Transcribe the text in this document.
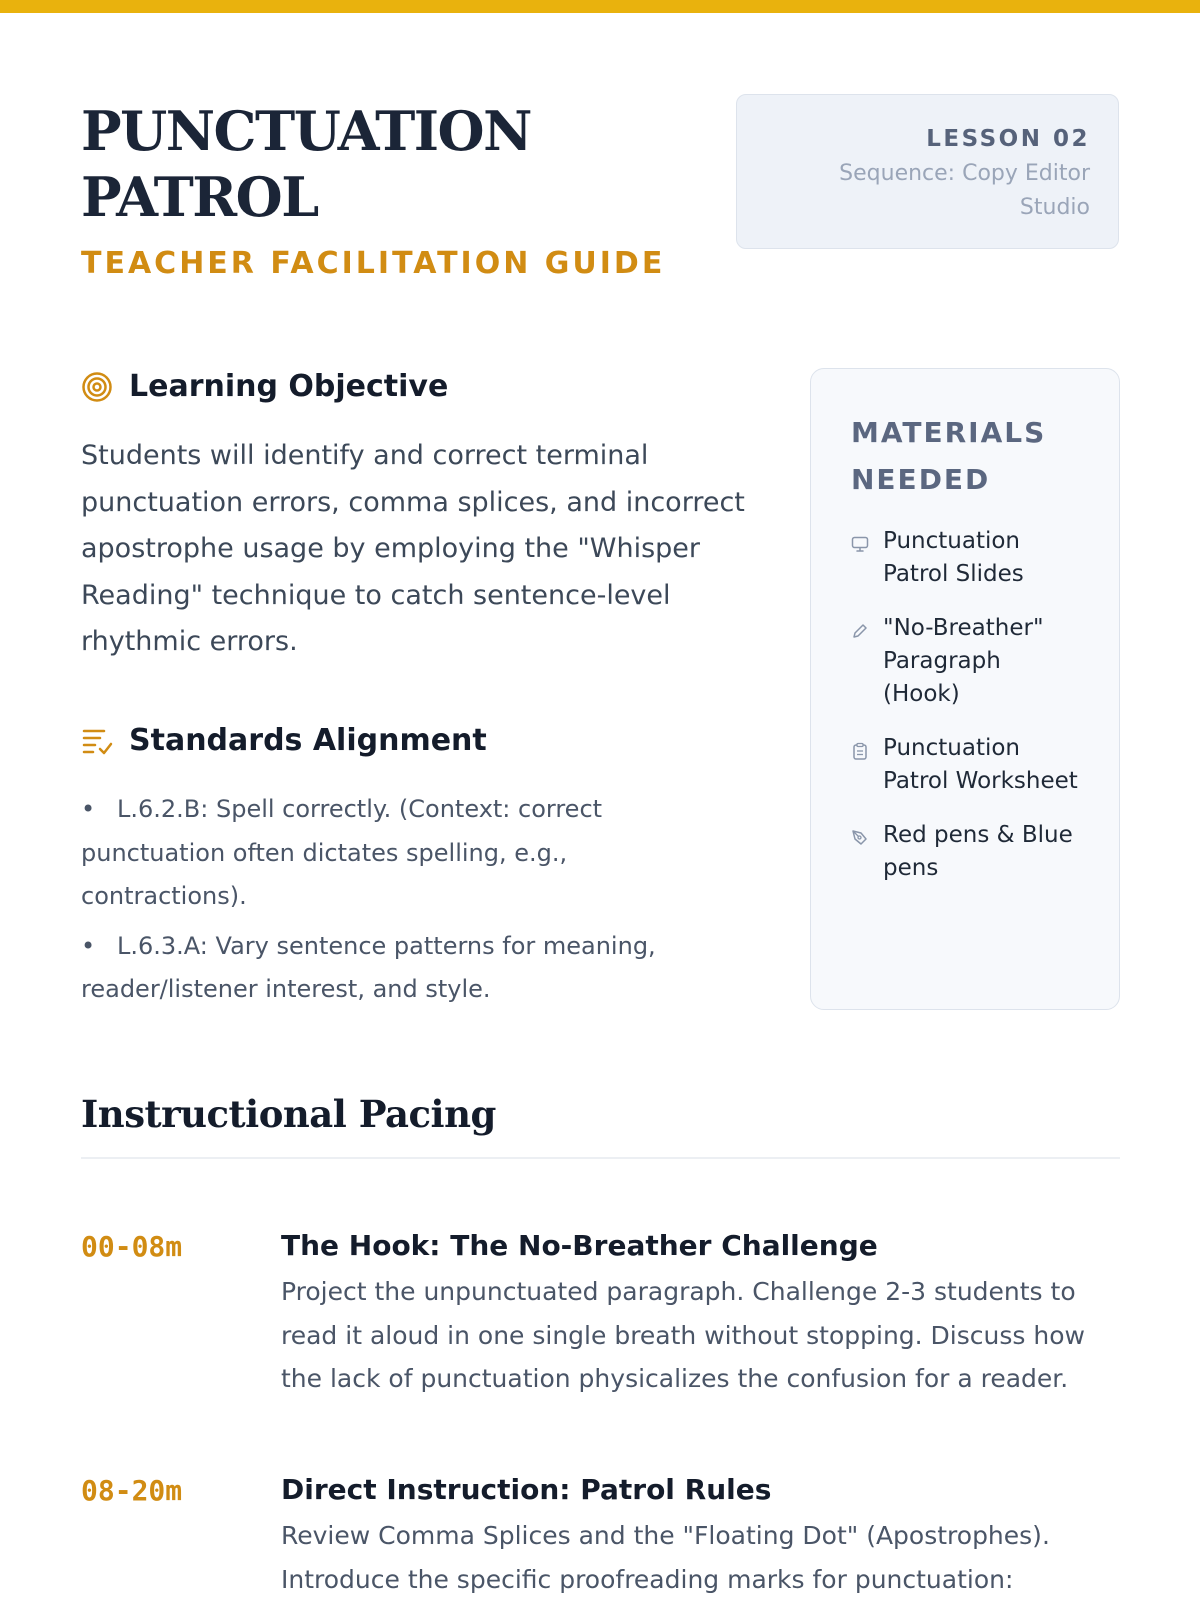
PUNCTUATION
PATROL
TEACHER FACILITATION GUIDE
LESSON 02
Sequence: Copy Editor Studio
Learning Objective

Students will identify and correct terminal punctuation errors, comma splices, and incorrect apostrophe usage by employing the "Whisper Reading" technique to catch sentence-level rhythmic errors.

Standards Alignment
• L.6.2.B: Spell correctly. (Context: correct punctuation often dictates spelling, e.g., contractions).
• L.6.3.A: Vary sentence patterns for meaning, reader/listener interest, and style.
MATERIALS NEEDED
Punctuation Patrol Slides
"No-Breather" Paragraph (Hook)
Punctuation Patrol Worksheet
Red pens & Blue pens
Instructional Pacing
00-08m	The Hook: The No-Breather Challenge
Project the unpunctuated paragraph. Challenge 2-3 students to read it aloud in one single breath without stopping. Discuss how the lack of punctuation physicalizes the confusion for a reader.
08-20m	Direct Instruction: Patrol Rules
Review Comma Splices and the "Floating Dot" (Apostrophes). Introduce the specific proofreading marks for punctuation:
